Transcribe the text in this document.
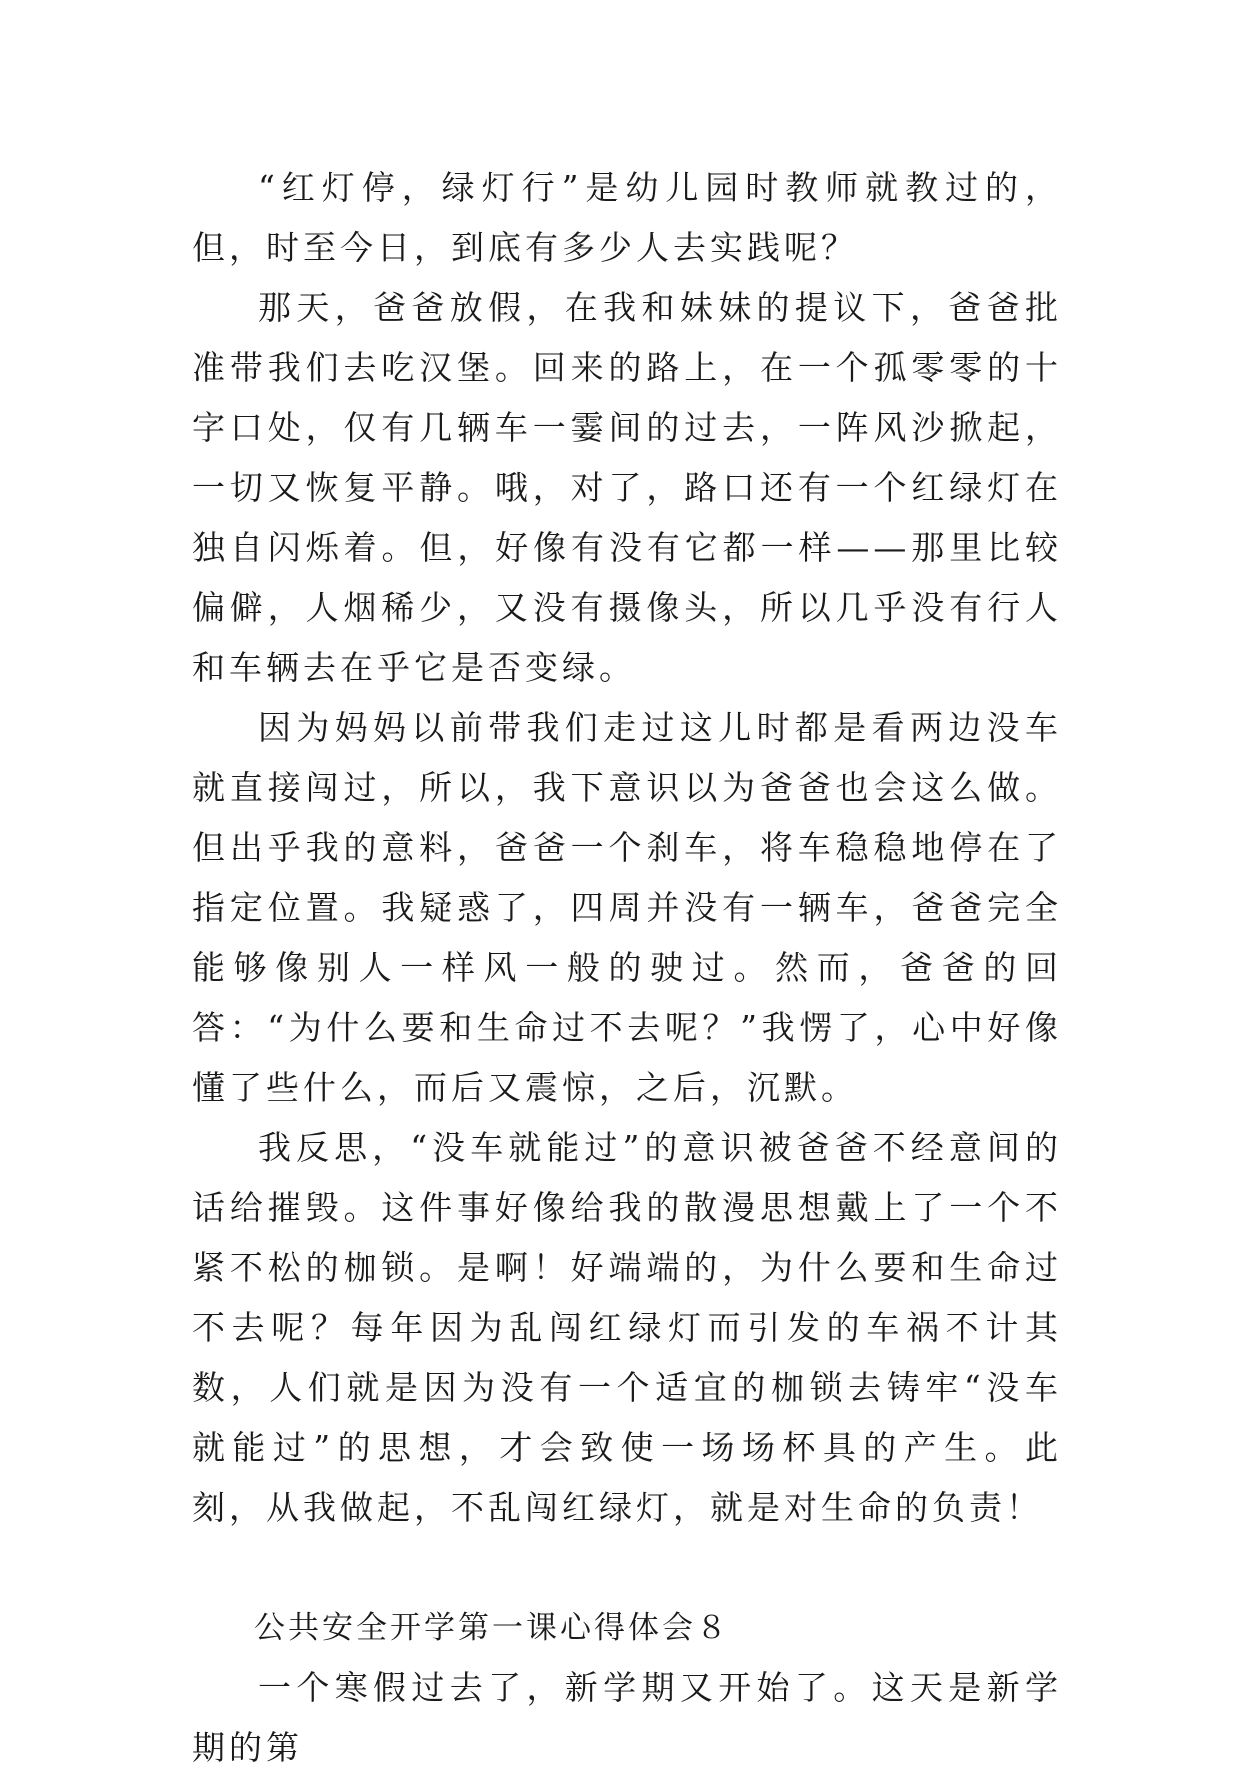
“红灯停，绿灯行”是幼儿园时教师就教过的，但，时至今日，到底有多少人去实践呢？

那天，爸爸放假，在我和妹妹的提议下，爸爸批准带我们去吃汉堡。回来的路上，在一个孤零零的十字口处，仅有几辆车一霎间的过去，一阵风沙掀起，一切又恢复平静。哦，对了，路口还有一个红绿灯在独自闪烁着。但，好像有没有它都一样——那里比较偏僻，人烟稀少，又没有摄像头，所以几乎没有行人和车辆去在乎它是否变绿。

因为妈妈以前带我们走过这儿时都是看两边没车就直接闯过，所以，我下意识以为爸爸也会这么做。但出乎我的意料，爸爸一个刹车，将车稳稳地停在了指定位置。我疑惑了，四周并没有一辆车，爸爸完全能够像别人一样风一般的驶过。然而，爸爸的回答：“为什么要和生命过不去呢？”我愣了，心中好像懂了些什么，而后又震惊，之后，沉默。

我反思，“没车就能过”的意识被爸爸不经意间的话给摧毁。这件事好像给我的散漫思想戴上了一个不紧不松的枷锁。是啊！好端端的，为什么要和生命过不去呢？每年因为乱闯红绿灯而引发的车祸不计其数，人们就是因为没有一个适宜的枷锁去铸牢“没车就能过”的思想，才会致使一场场杯具的产生。此刻，从我做起，不乱闯红绿灯，就是对生命的负责！

公共安全开学第一课心得体会８

一个寒假过去了，新学期又开始了。这天是新学期的第
